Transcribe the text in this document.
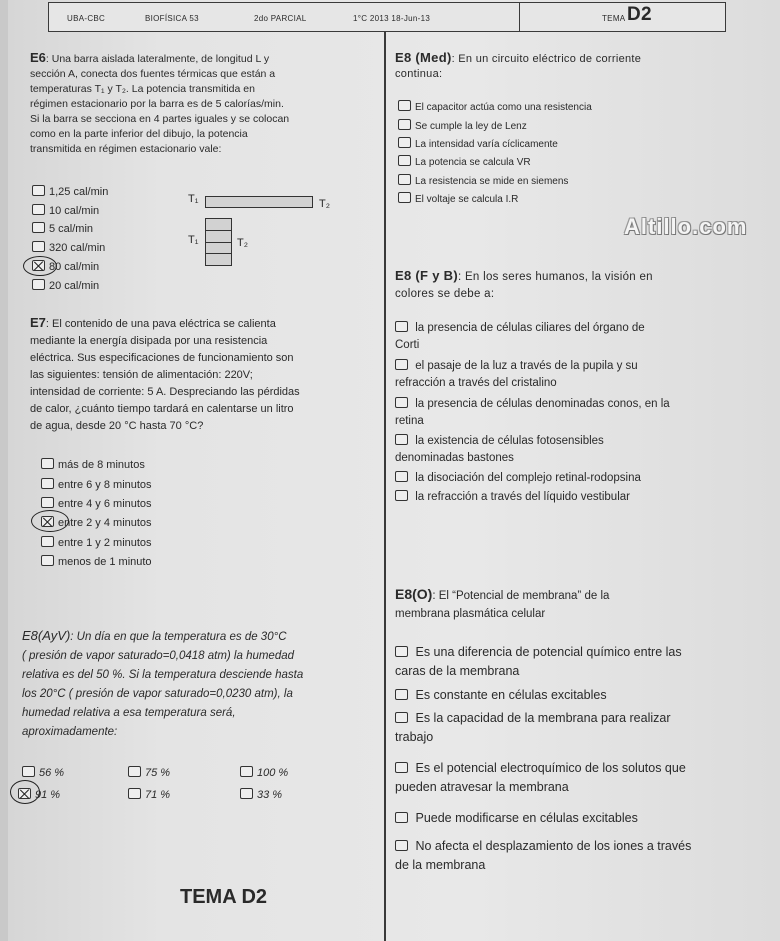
UBA-CBC	BIOFÍSICA 53	2do PARCIAL	1°C 2013 18-Jun-13	TEMA D2
E6: Una barra aislada lateralmente, de longitud L y
sección A, conecta dos fuentes térmicas que están a
temperaturas T₁ y T₂. La potencia transmitida en
régimen estacionario por la barra es de 5 calorías/min.
Si la barra se secciona en 4 partes iguales y se colocan
como en la parte inferior del dibujo, la potencia
transmitida en régimen estacionario vale:
1,25 cal/min
10 cal/min
5 cal/min
320 cal/min
80 cal/min
20 cal/min
T₁	T₂
T₁	T₂
E7: El contenido de una pava eléctrica se calienta
mediante la energía disipada por una resistencia
eléctrica. Sus especificaciones de funcionamiento son
las siguientes: tensión de alimentación: 220V;
intensidad de corriente: 5 A. Despreciando las pérdidas
de calor, ¿cuánto tiempo tardará en calentarse un litro
de agua, desde 20 °C hasta 70 °C?
más de 8 minutos
entre 6 y 8 minutos
entre 4 y 6 minutos
entre 2 y 4 minutos
entre 1 y 2 minutos
menos de 1 minuto
E8(AyV): Un día en que la temperatura es de 30°C
( presión de vapor saturado=0,0418 atm) la humedad
relativa es del 50 %. Si la temperatura desciende hasta
los 20°C ( presión de vapor saturado=0,0230 atm), la
humedad relativa a esa temperatura será,
aproximadamente:
56 %	75 %	100 %
91 %	71 %	33 %
TEMA D2
E8 (Med): En un circuito eléctrico de corriente
continua:
El capacitor actúa como una resistencia
Se cumple la ley de Lenz
La intensidad varía cíclicamente
La potencia se calcula VR
La resistencia se mide en siemens
El voltaje se calcula I.R
Altillo.com
E8 (F y B): En los seres humanos, la visión en
colores se debe a:
la presencia de células ciliares del órgano de
Corti
el pasaje de la luz a través de la pupila y su
refracción a través del cristalino
la presencia de células denominadas conos, en la
retina
la existencia de células fotosensibles
denominadas bastones
la disociación del complejo retinal-rodopsina
la refracción a través del líquido vestibular
E8(O): El “Potencial de membrana” de la
membrana plasmática celular
Es una diferencia de potencial químico entre las
caras de la membrana
Es constante en células excitables
Es la capacidad de la membrana para realizar
trabajo
Es el potencial electroquímico de los solutos que
pueden atravesar la membrana
Puede modificarse en células excitables
No afecta el desplazamiento de los iones a través
de la membrana
